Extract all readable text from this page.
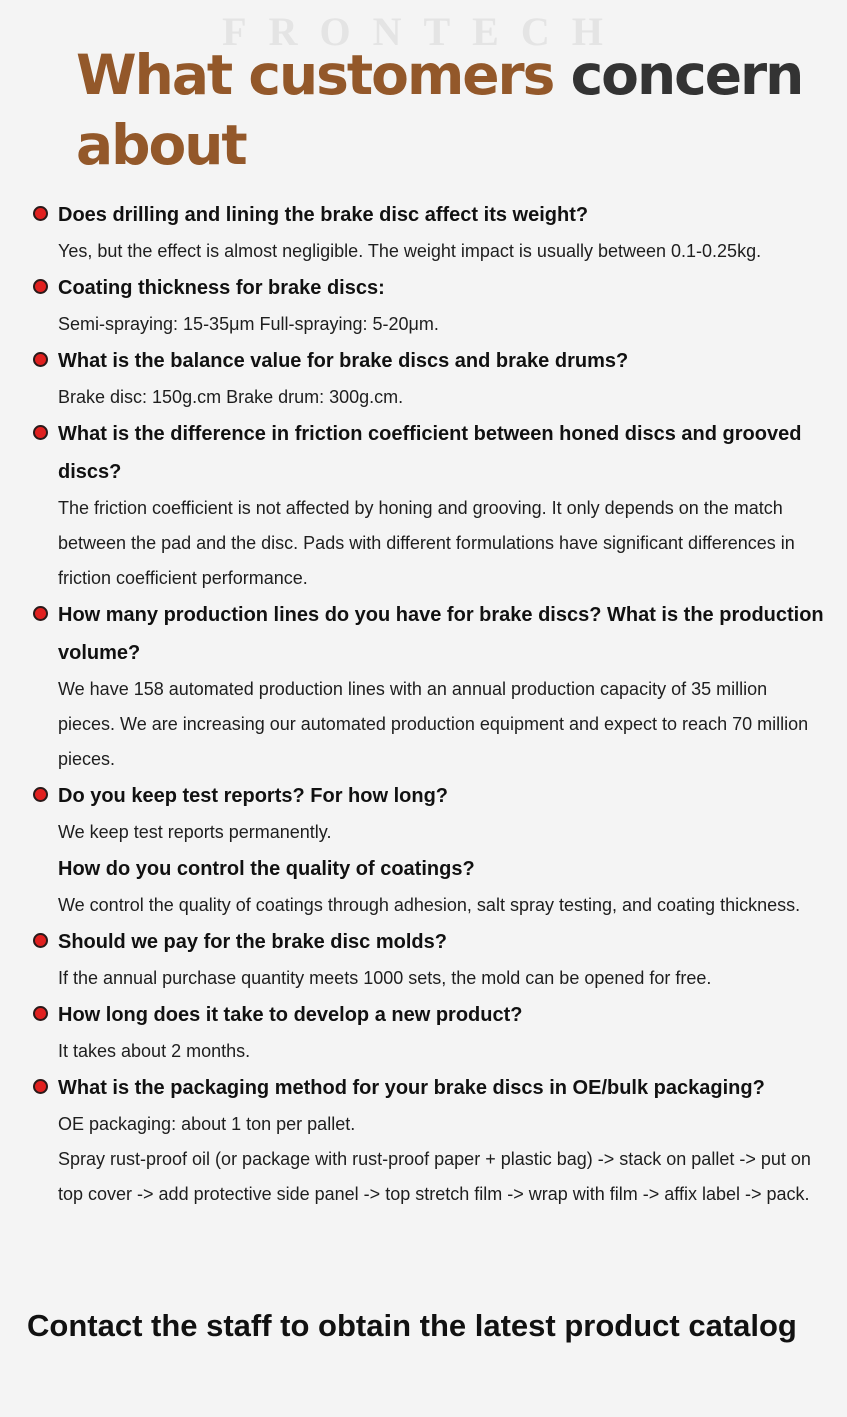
FRONTECH
What customers concern
about
Does drilling and lining the brake disc affect its weight?
Yes, but the effect is almost negligible. The weight impact is usually between 0.1-0.25kg.
Coating thickness for brake discs:
Semi-spraying: 15-35μm Full-spraying: 5-20μm.
What is the balance value for brake discs and brake drums?
Brake disc: 150g.cm Brake drum: 300g.cm.
What is the difference in friction coefficient between honed discs and grooved discs?
The friction coefficient is not affected by honing and grooving. It only depends on the match between the pad and the disc. Pads with different formulations have significant differences in friction coefficient performance.
How many production lines do you have for brake discs? What is the production volume?
We have 158 automated production lines with an annual production capacity of 35 million pieces. We are increasing our automated production equipment and expect to reach 70 million pieces.
Do you keep test reports? For how long?
We keep test reports permanently.
How do you control the quality of coatings?
We control the quality of coatings through adhesion, salt spray testing, and coating thickness.
Should we pay for the brake disc molds?
If the annual purchase quantity meets 1000 sets, the mold can be opened for free.
How long does it take to develop a new product?
It takes about 2 months.
What is the packaging method for your brake discs in OE/bulk packaging?
OE packaging: about 1 ton per pallet.
Spray rust-proof oil (or package with rust-proof paper + plastic bag) -> stack on pallet -> put on top cover -> add protective side panel -> top stretch film -> wrap with film -> affix label -> pack.
Contact the staff to obtain the latest product catalog
